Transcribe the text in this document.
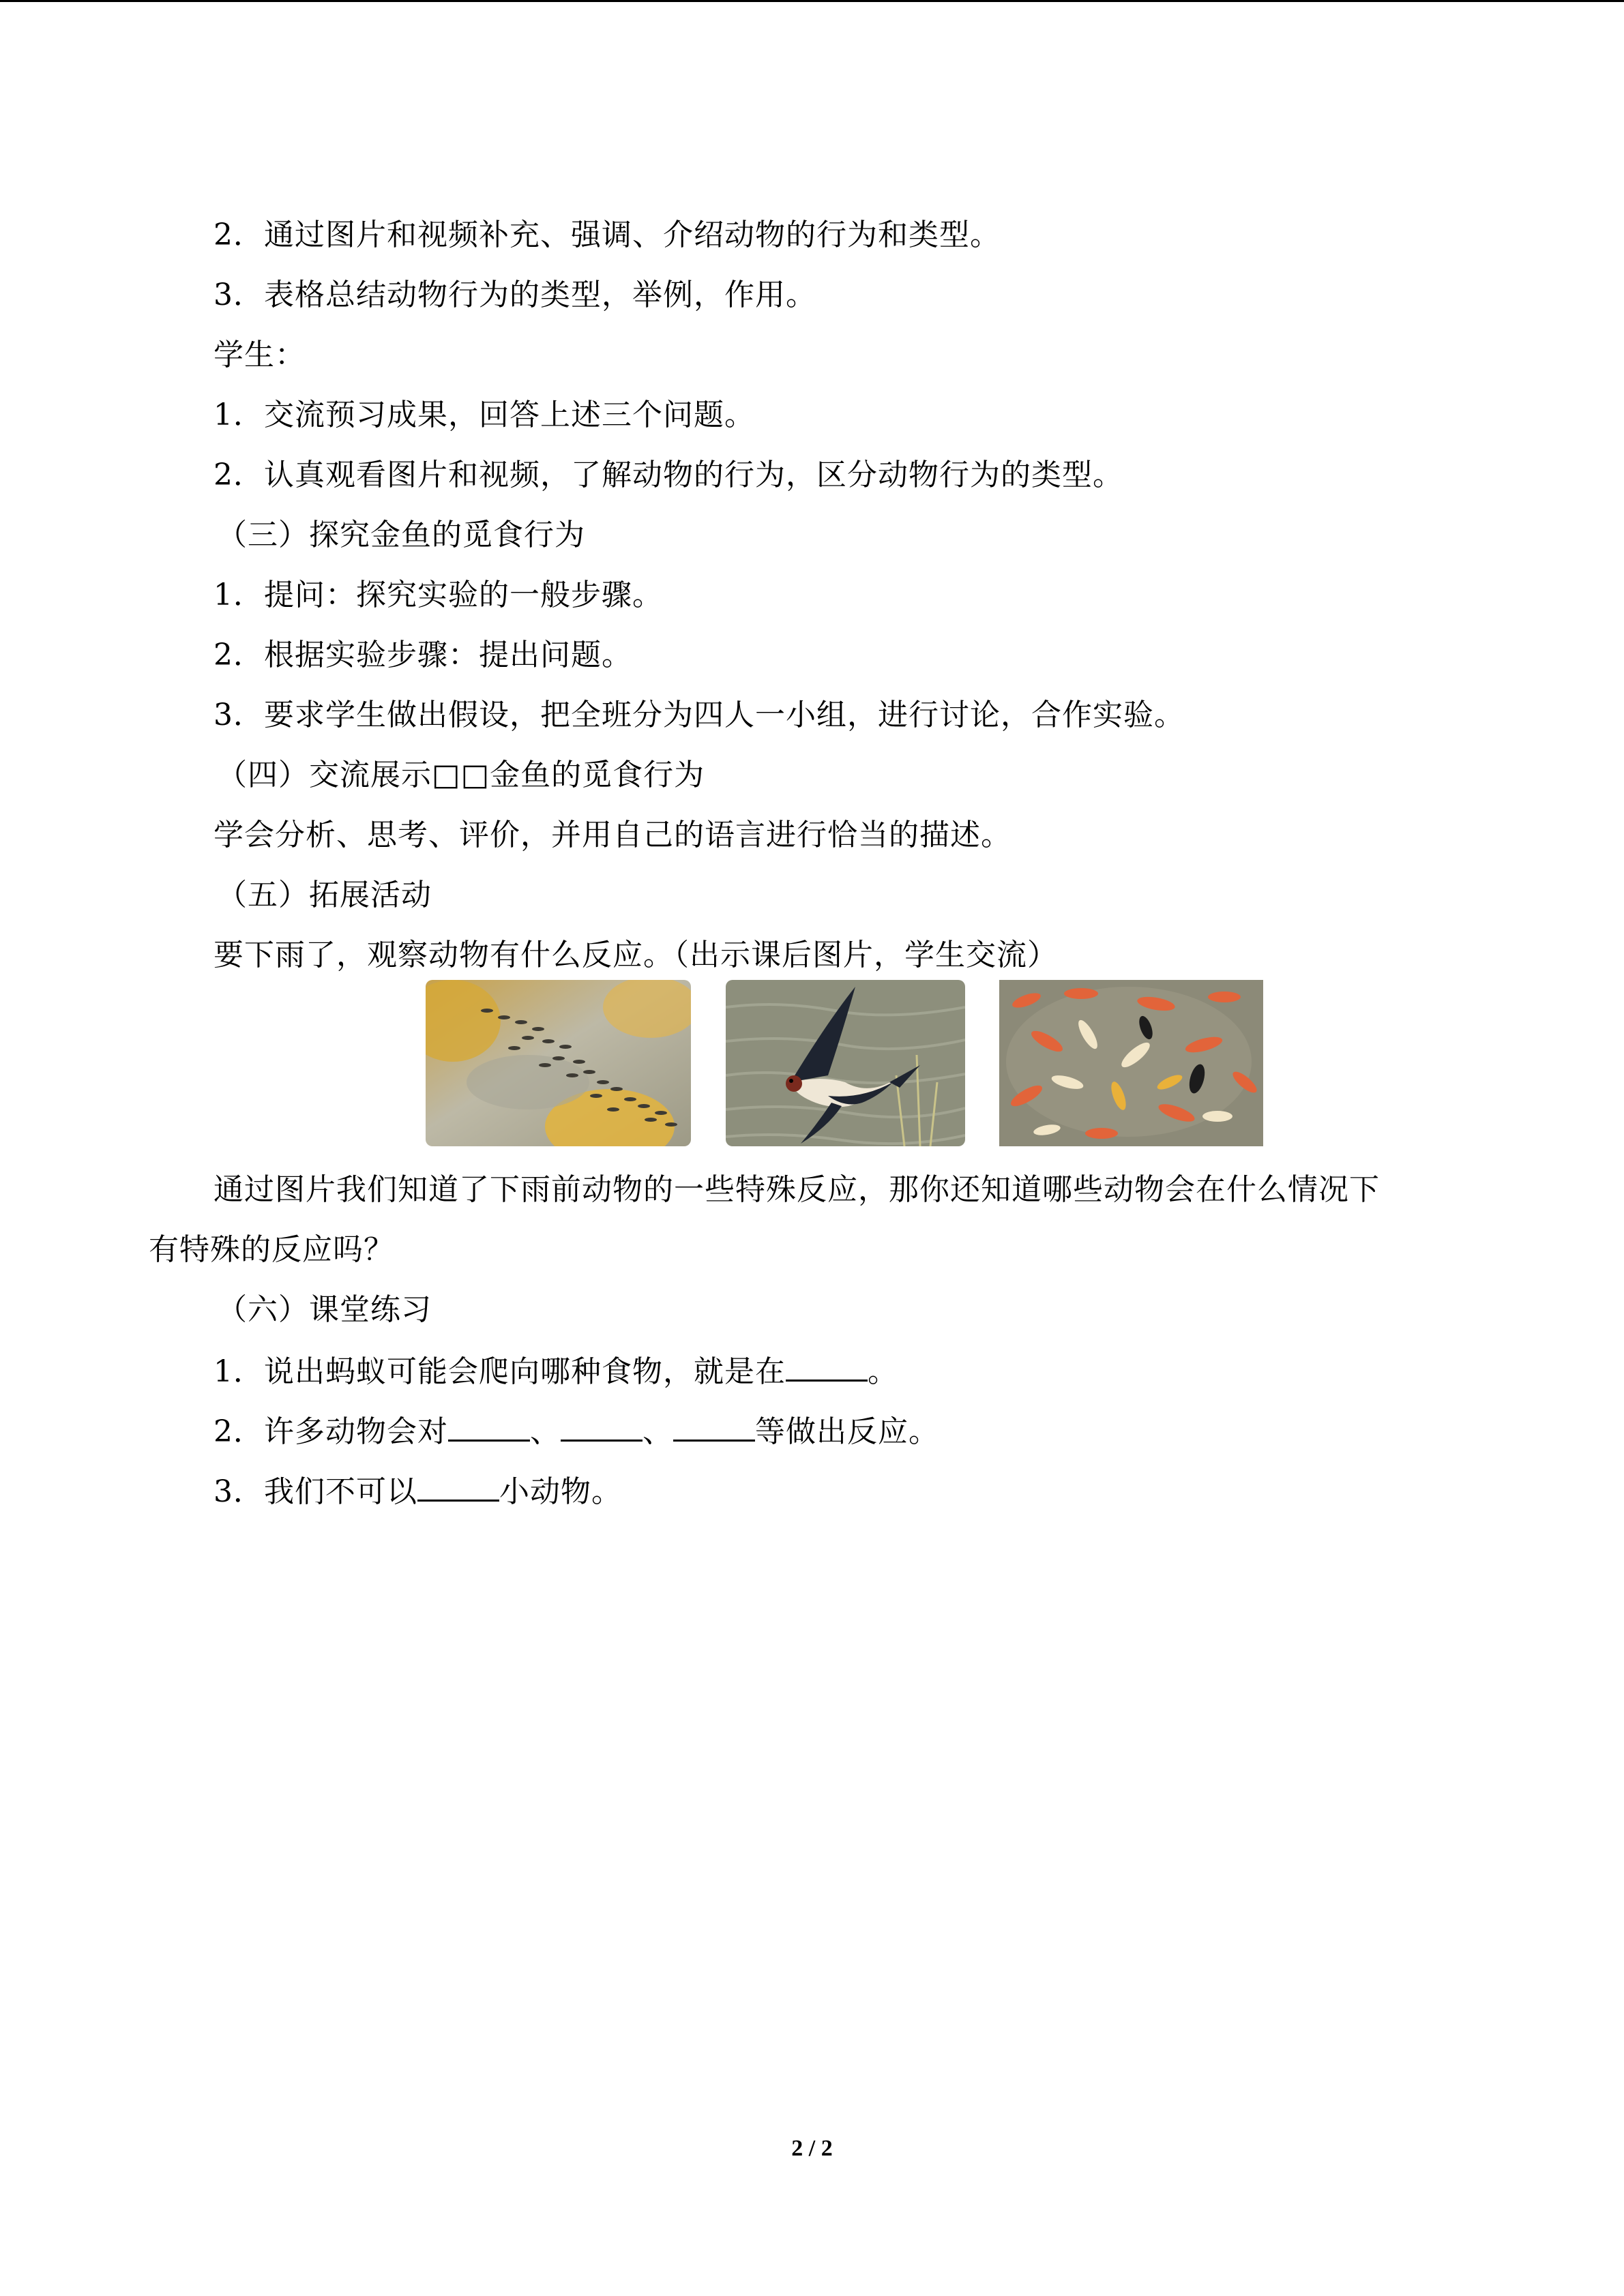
2．通过图片和视频补充、强调、介绍动物的行为和类型。
3．表格总结动物行为的类型，举例，作用。
学生：
1．交流预习成果，回答上述三个问题。
2．认真观看图片和视频，了解动物的行为，区分动物行为的类型。
（三）探究金鱼的觅食行为
1．提问：探究实验的一般步骤。
2．根据实验步骤：提出问题。
3．要求学生做出假设，把全班分为四人一小组，进行讨论，合作实验。
（四）交流展示□□金鱼的觅食行为
学会分析、思考、评价，并用自己的语言进行恰当的描述。
（五）拓展活动
要下雨了，观察动物有什么反应。（出示课后图片，学生交流）
通过图片我们知道了下雨前动物的一些特殊反应，那你还知道哪些动物会在什么情况下
有特殊的反应吗？
（六）课堂练习
1．说出蚂蚁可能会爬向哪种食物，就是在	。
2．许多动物会对	、	、	等做出反应。
3．我们不可以	小动物。
2 / 2
